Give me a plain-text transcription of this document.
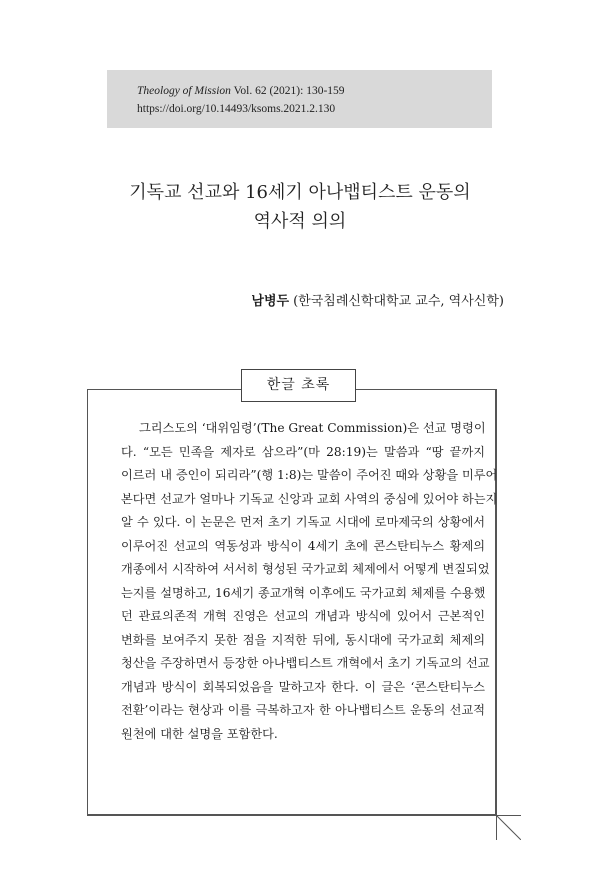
Theology of Mission Vol. 62 (2021): 130-159
https://doi.org/10.14493/ksoms.2021.2.130
기독교 선교와 16세기 아나뱁티스트 운동의
역사적 의의
남병두 (한국침례신학대학교 교수, 역사신학)
한글 초록
그리스도의 ‘대위임령’(The Great Commission)은 선교 명령이
다. “모든 민족을 제자로 삼으라”(마 28:19)는 말씀과 “땅 끝까지
이르러 내 증인이 되리라”(행 1:8)는 말씀이 주어진 때와 상황을 미루어
본다면 선교가 얼마나 기독교 신앙과 교회 사역의 중심에 있어야 하는지
알 수 있다. 이 논문은 먼저 초기 기독교 시대에 로마제국의 상황에서
이루어진 선교의 역동성과 방식이 4세기 초에 콘스탄티누스 황제의
개종에서 시작하여 서서히 형성된 국가교회 체제에서 어떻게 변질되었
는지를 설명하고, 16세기 종교개혁 이후에도 국가교회 체제를 수용했
던 관료의존적 개혁 진영은 선교의 개념과 방식에 있어서 근본적인
변화를 보여주지 못한 점을 지적한 뒤에, 동시대에 국가교회 체제의
청산을 주장하면서 등장한 아나뱁티스트 개혁에서 초기 기독교의 선교
개념과 방식이 회복되었음을 말하고자 한다. 이 글은 ‘콘스탄티누스
전환’이라는 현상과 이를 극복하고자 한 아나뱁티스트 운동의 선교적
원천에 대한 설명을 포함한다.
